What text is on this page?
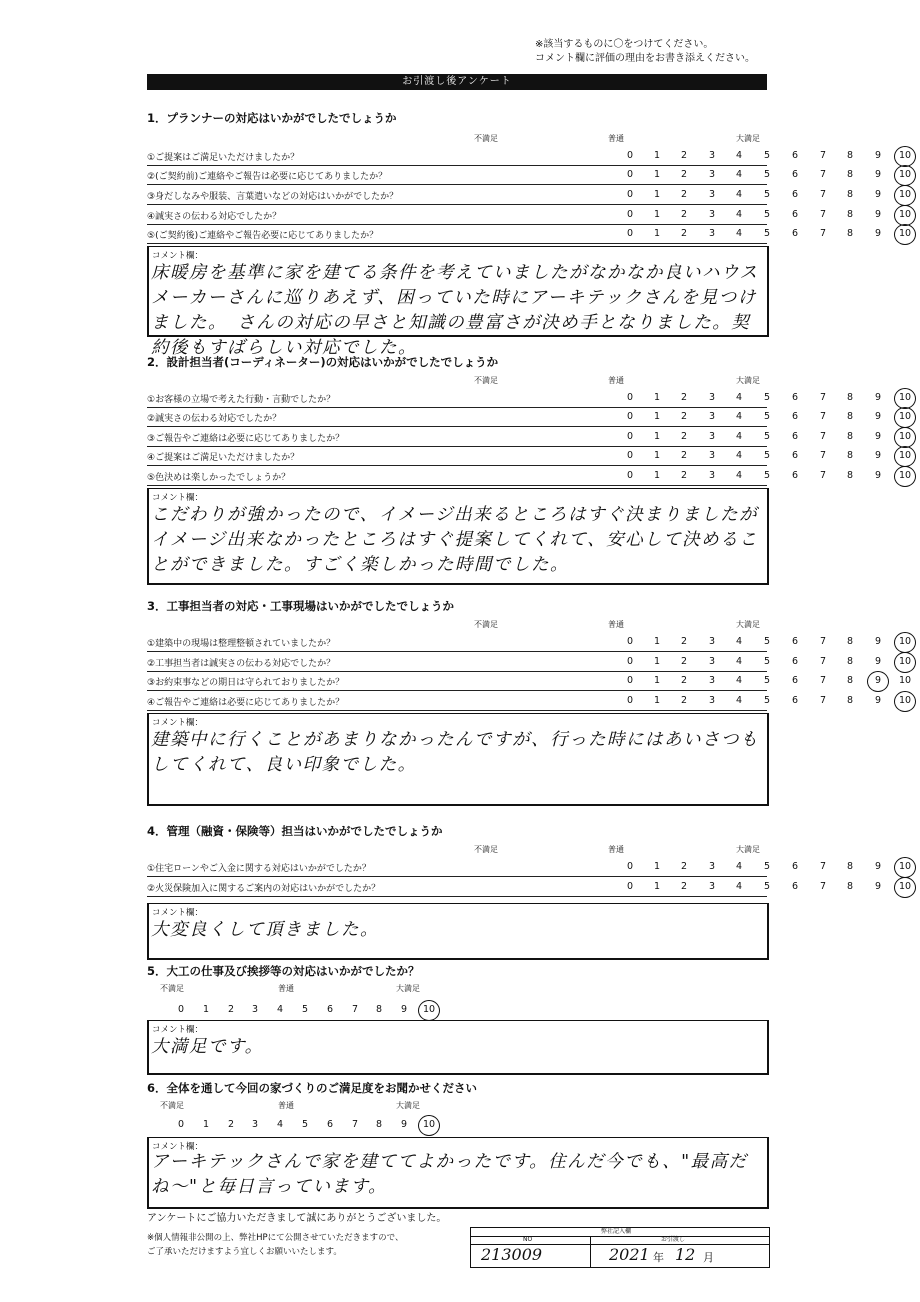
※該当するものに〇をつけてください。
コメント欄に評価の理由をお書き添えください。
お引渡し後アンケート
1．プランナーの対応はいかがでしたでしょうか
不満足	普通	大満足
①ご提案はご満足いただけましたか？	0	1	2	3	4	5	6	7	8	9	10
②(ご契約前)ご連絡やご報告は必要に応じてありましたか？	0	1	2	3	4	5	6	7	8	9	10
③身だしなみや服装、言葉遣いなどの対応はいかがでしたか？	0	1	2	3	4	5	6	7	8	9	10
④誠実さの伝わる対応でしたか？	0	1	2	3	4	5	6	7	8	9	10
⑤(ご契約後)ご連絡やご報告必要に応じてありましたか？	0	1	2	3	4	5	6	7	8	9	10
コメント欄：
床暖房を基準に家を建てる条件を考えていましたがなかなか良いハウスメーカーさんに巡りあえず、困っていた時にアーキテックさんを見つけました。　さんの対応の早さと知識の豊富さが決め手となりました。契約後もすばらしい対応でした。
2．設計担当者(コーディネーター)の対応はいかがでしたでしょうか
不満足	普通	大満足
①お客様の立場で考えた行動・言動でしたか？	0	1	2	3	4	5	6	7	8	9	10
②誠実さの伝わる対応でしたか？	0	1	2	3	4	5	6	7	8	9	10
③ご報告やご連絡は必要に応じてありましたか？	0	1	2	3	4	5	6	7	8	9	10
④ご提案はご満足いただけましたか？	0	1	2	3	4	5	6	7	8	9	10
⑤色決めは楽しかったでしょうか？	0	1	2	3	4	5	6	7	8	9	10
コメント欄：
こだわりが強かったので、イメージ出来るところはすぐ決まりましたがイメージ出来なかったところはすぐ提案してくれて、安心して決めることができました。すごく楽しかった時間でした。
3．工事担当者の対応・工事現場はいかがでしたでしょうか
不満足	普通	大満足
①建築中の現場は整理整頓されていましたか？	0	1	2	3	4	5	6	7	8	9	10
②工事担当者は誠実さの伝わる対応でしたか？	0	1	2	3	4	5	6	7	8	9	10
③お約束事などの期日は守られておりましたか？	0	1	2	3	4	5	6	7	8	9	10
④ご報告やご連絡は必要に応じてありましたか？	0	1	2	3	4	5	6	7	8	9	10
コメント欄：
建築中に行くことがあまりなかったんですが、行った時にはあいさつもしてくれて、良い印象でした。
4．管理（融資・保険等）担当はいかがでしたでしょうか
不満足	普通	大満足
①住宅ローンやご入金に関する対応はいかがでしたか？	0	1	2	3	4	5	6	7	8	9	10
②火災保険加入に関するご案内の対応はいかがでしたか？	0	1	2	3	4	5	6	7	8	9	10
コメント欄：
大変良くして頂きました。
5．大工の仕事及び挨拶等の対応はいかがでしたか？
不満足	普通	大満足
0	1	2	3	4	5	6	7	8	9	10
コメント欄：
大満足です。
6．全体を通して今回の家づくりのご満足度をお聞かせください
不満足	普通	大満足
0	1	2	3	4	5	6	7	8	9	10
コメント欄：
アーキテックさんで家を建ててよかったです。住んだ今でも、"最高だね〜"と毎日言っています。
アンケートにご協力いただきまして誠にありがとうございました。
※個人情報非公開の上、弊社HPにて公開させていただきますので、
ご了承いただけますよう宜しくお願いいたします。
弊社記入欄
NO	お引渡し
213009	2021 年 12 月
